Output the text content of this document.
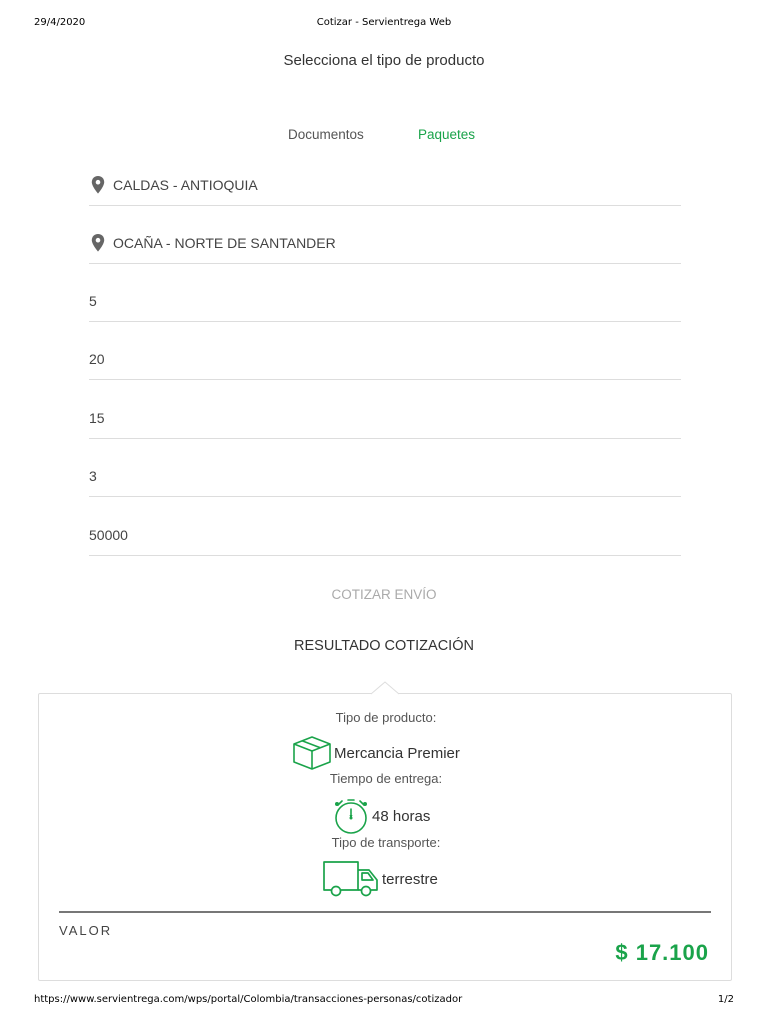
29/4/2020	Cotizar - Servientrega Web
Selecciona el tipo de producto
Documentos	Paquetes
CALDAS - ANTIOQUIA
OCAÑA - NORTE DE SANTANDER
5
20
15
3
50000
COTIZAR ENVÍO
RESULTADO COTIZACIÓN
Tipo de producto:
Mercancia Premier
Tiempo de entrega:
48 horas
Tipo de transporte:
terrestre
VALOR
$ 17.100
https://www.servientrega.com/wps/portal/Colombia/transacciones-personas/cotizador	1/2
